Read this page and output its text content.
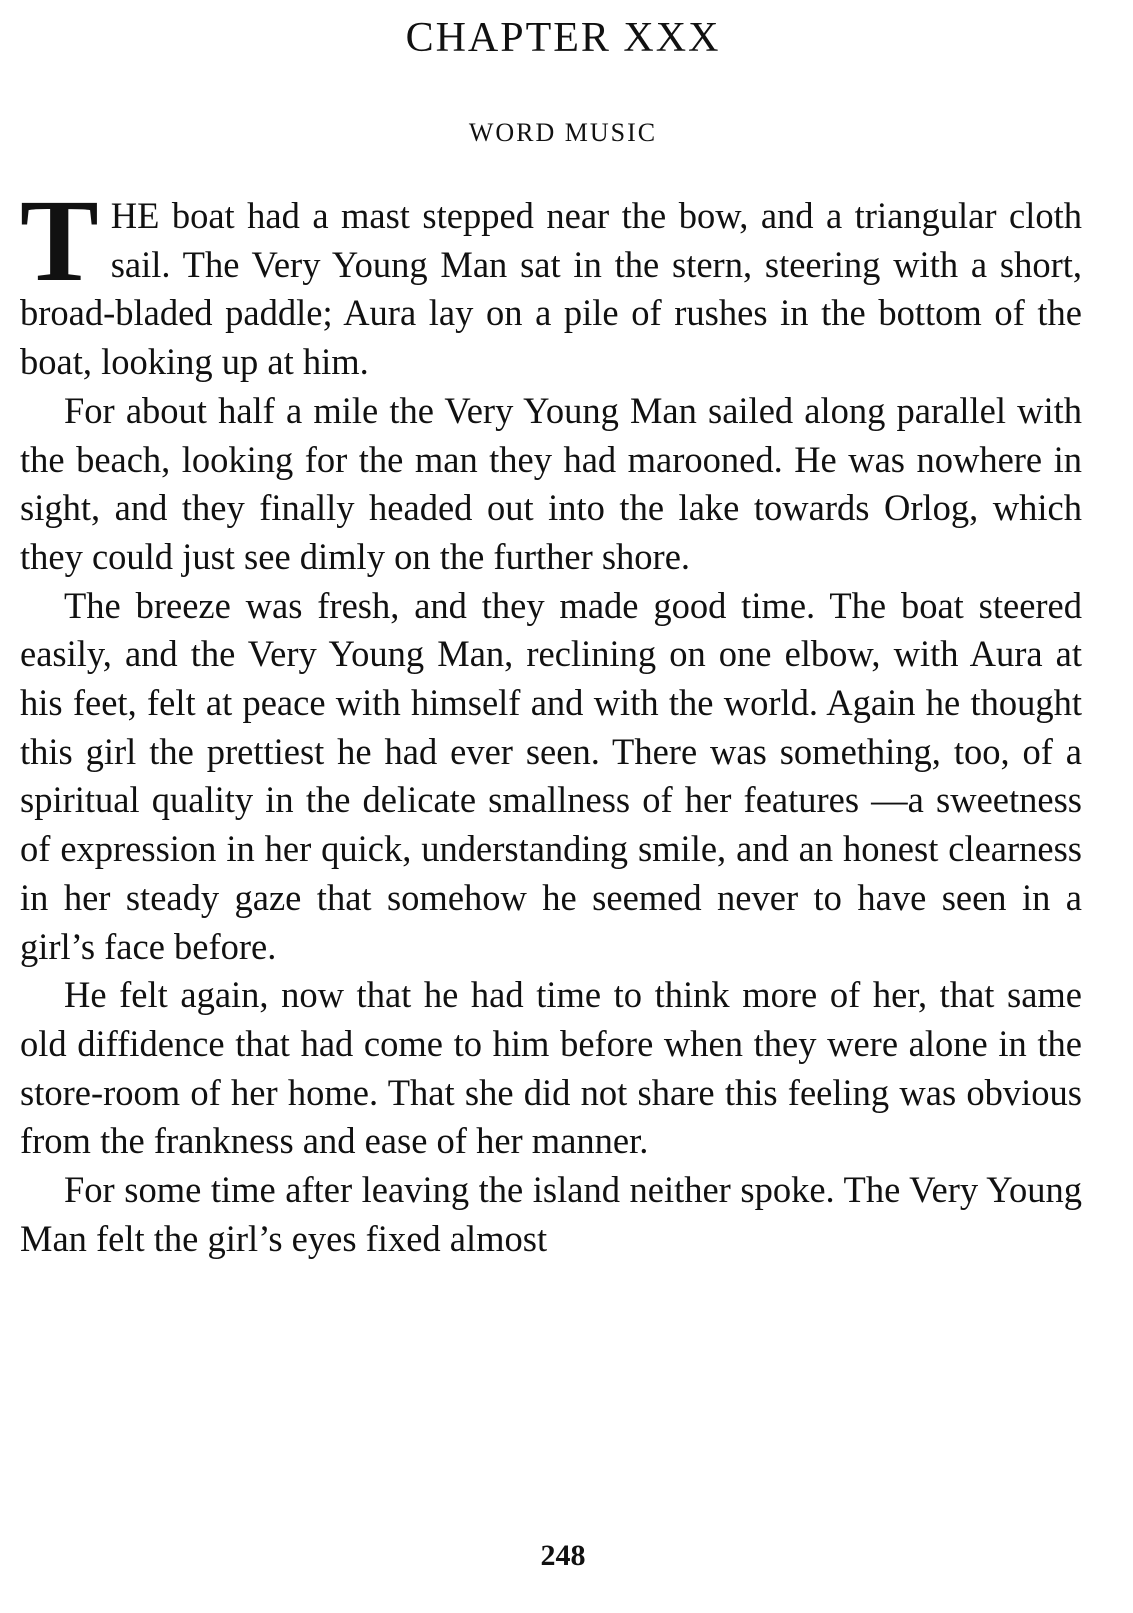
CHAPTER XXX
WORD MUSIC

THE boat had a mast stepped near the bow, and a triangular cloth sail. The Very Young Man sat in the stern, steering with a short, broad-bladed paddle; Aura lay on a pile of rushes in the bottom of the boat, looking up at him.

For about half a mile the Very Young Man sailed along parallel with the beach, looking for the man they had marooned. He was nowhere in sight, and they finally headed out into the lake towards Orlog, which they could just see dimly on the further shore.

The breeze was fresh, and they made good time. The boat steered easily, and the Very Young Man, reclining on one elbow, with Aura at his feet, felt at peace with himself and with the world. Again he thought this girl the prettiest he had ever seen. There was something, too, of a spiritual quality in the delicate smallness of her features —a sweetness of expression in her quick, understanding smile, and an honest clearness in her steady gaze that somehow he seemed never to have seen in a girl’s face before.

He felt again, now that he had time to think more of her, that same old diffidence that had come to him before when they were alone in the store-room of her home. That she did not share this feeling was obvious from the frankness and ease of her manner.

For some time after leaving the island neither spoke. The Very Young Man felt the girl’s eyes fixed almost

248
